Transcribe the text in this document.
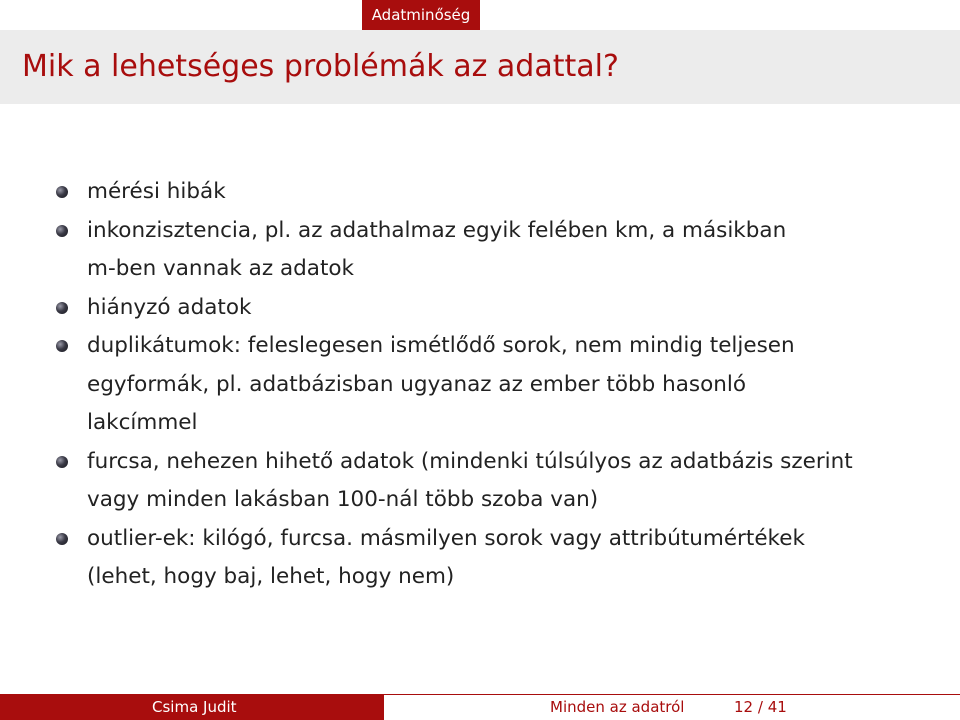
Adatminőség
Mik a lehetséges problémák az adattal?
mérési hibák
inkonzisztencia, pl. az adathalmaz egyik felében km, a másikban
m-ben vannak az adatok
hiányzó adatok
duplikátumok: feleslegesen ismétlődő sorok, nem mindig teljesen
egyformák, pl. adatbázisban ugyanaz az ember több hasonló
lakcímmel
furcsa, nehezen hihető adatok (mindenki túlsúlyos az adatbázis szerint
vagy minden lakásban 100-nál több szoba van)
outlier-ek: kilógó, furcsa. másmilyen sorok vagy attribútumértékek
(lehet, hogy baj, lehet, hogy nem)
Csima Judit	Minden az adatról	12 / 41
